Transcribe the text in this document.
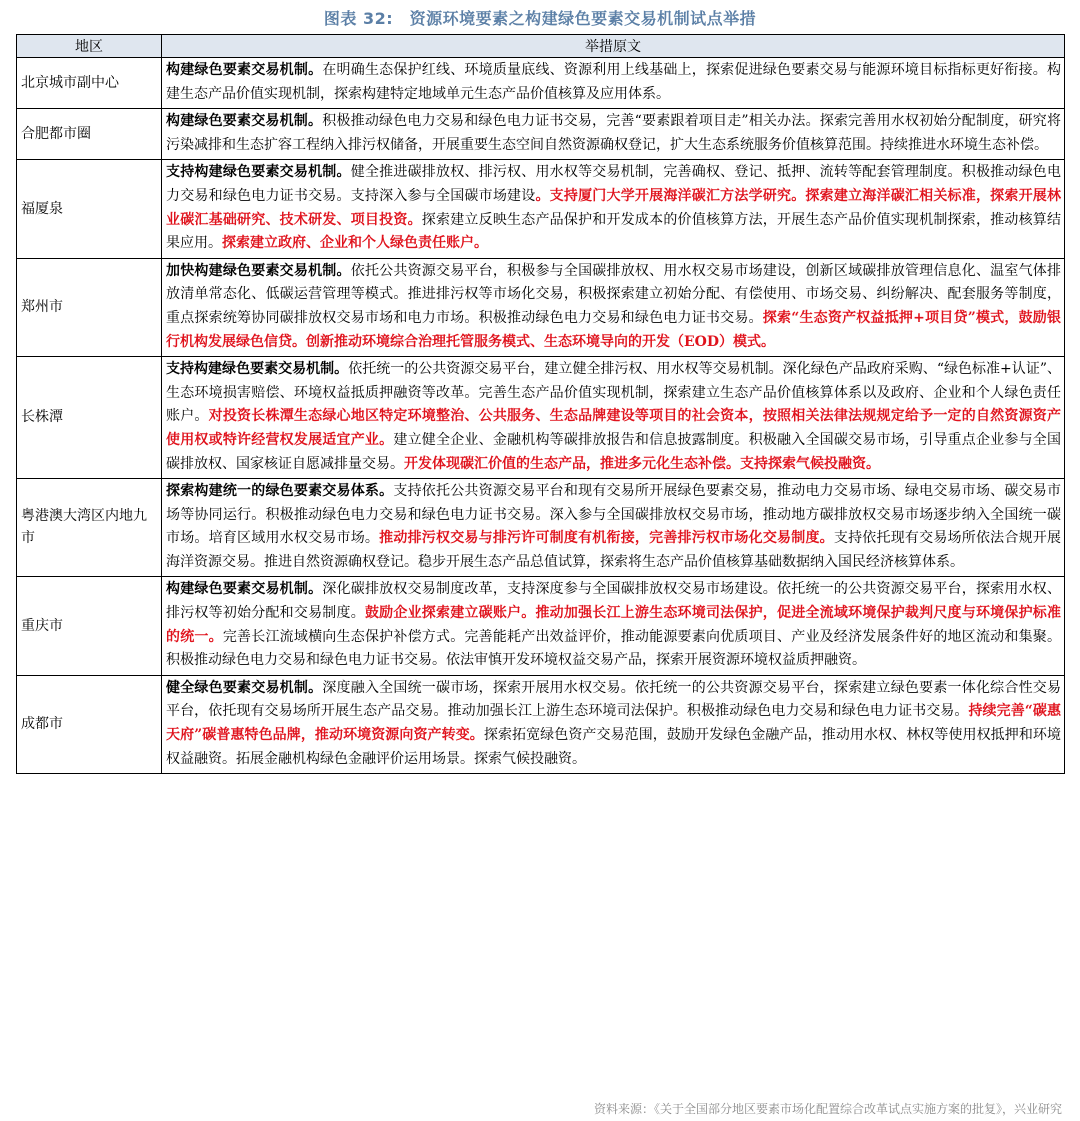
图表 32:　资源环境要素之构建绿色要素交易机制试点举措
地区	举措原文
北京城市副中心	构建绿色要素交易机制。在明确生态保护红线、环境质量底线、资源利用上线基础上，探索促进绿色要素交易与能源环境目标指标更好衔接。构建生态产品价值实现机制，探索构建特定地域单元生态产品价值核算及应用体系。
合肥都市圈	构建绿色要素交易机制。积极推动绿色电力交易和绿色电力证书交易，完善“要素跟着项目走”相关办法。探索完善用水权初始分配制度，研究将污染减排和生态扩容工程纳入排污权储备，开展重要生态空间自然资源确权登记，扩大生态系统服务价值核算范围。持续推进水环境生态补偿。
福厦泉	支持构建绿色要素交易机制。健全推进碳排放权、排污权、用水权等交易机制，完善确权、登记、抵押、流转等配套管理制度。积极推动绿色电力交易和绿色电力证书交易。支持深入参与全国碳市场建设。支持厦门大学开展海洋碳汇方法学研究。探索建立海洋碳汇相关标准，探索开展林业碳汇基础研究、技术研发、项目投资。探索建立反映生态产品保护和开发成本的价值核算方法，开展生态产品价值实现机制探索，推动核算结果应用。探索建立政府、企业和个人绿色责任账户。
郑州市	加快构建绿色要素交易机制。依托公共资源交易平台，积极参与全国碳排放权、用水权交易市场建设，创新区域碳排放管理信息化、温室气体排放清单常态化、低碳运营管理等模式。推进排污权等市场化交易，积极探索建立初始分配、有偿使用、市场交易、纠纷解决、配套服务等制度，重点探索统筹协同碳排放权交易市场和电力市场。积极推动绿色电力交易和绿色电力证书交易。探索“生态资产权益抵押+项目贷”模式，鼓励银行机构发展绿色信贷。创新推动环境综合治理托管服务模式、生态环境导向的开发（EOD）模式。
长株潭	支持构建绿色要素交易机制。依托统一的公共资源交易平台，建立健全排污权、用水权等交易机制。深化绿色产品政府采购、“绿色标准+认证”、生态环境损害赔偿、环境权益抵质押融资等改革。完善生态产品价值实现机制，探索建立生态产品价值核算体系以及政府、企业和个人绿色责任账户。对投资长株潭生态绿心地区特定环境整治、公共服务、生态品牌建设等项目的社会资本，按照相关法律法规规定给予一定的自然资源资产使用权或特许经营权发展适宜产业。建立健全企业、金融机构等碳排放报告和信息披露制度。积极融入全国碳交易市场，引导重点企业参与全国碳排放权、国家核证自愿减排量交易。开发体现碳汇价值的生态产品，推进多元化生态补偿。支持探索气候投融资。
粤港澳大湾区内地九市	探索构建统一的绿色要素交易体系。支持依托公共资源交易平台和现有交易所开展绿色要素交易，推动电力交易市场、绿电交易市场、碳交易市场等协同运行。积极推动绿色电力交易和绿色电力证书交易。深入参与全国碳排放权交易市场，推动地方碳排放权交易市场逐步纳入全国统一碳市场。培育区域用水权交易市场。推动排污权交易与排污许可制度有机衔接，完善排污权市场化交易制度。支持依托现有交易场所依法合规开展海洋资源交易。推进自然资源确权登记。稳步开展生态产品总值试算，探索将生态产品价值核算基础数据纳入国民经济核算体系。
重庆市	构建绿色要素交易机制。深化碳排放权交易制度改革，支持深度参与全国碳排放权交易市场建设。依托统一的公共资源交易平台，探索用水权、排污权等初始分配和交易制度。鼓励企业探索建立碳账户。推动加强长江上游生态环境司法保护，促进全流域环境保护裁判尺度与环境保护标准的统一。完善长江流域横向生态保护补偿方式。完善能耗产出效益评价，推动能源要素向优质项目、产业及经济发展条件好的地区流动和集聚。积极推动绿色电力交易和绿色电力证书交易。依法审慎开发环境权益交易产品，探索开展资源环境权益质押融资。
成都市	健全绿色要素交易机制。深度融入全国统一碳市场，探索开展用水权交易。依托统一的公共资源交易平台，探索建立绿色要素一体化综合性交易平台，依托现有交易场所开展生态产品交易。推动加强长江上游生态环境司法保护。积极推动绿色电力交易和绿色电力证书交易。持续完善“碳惠天府”碳普惠特色品牌，推动环境资源向资产转变。探索拓宽绿色资产交易范围，鼓励开发绿色金融产品，推动用水权、林权等使用权抵押和环境权益融资。拓展金融机构绿色金融评价运用场景。探索气候投融资。
资料来源：《关于全国部分地区要素市场化配置综合改革试点实施方案的批复》，兴业研究
